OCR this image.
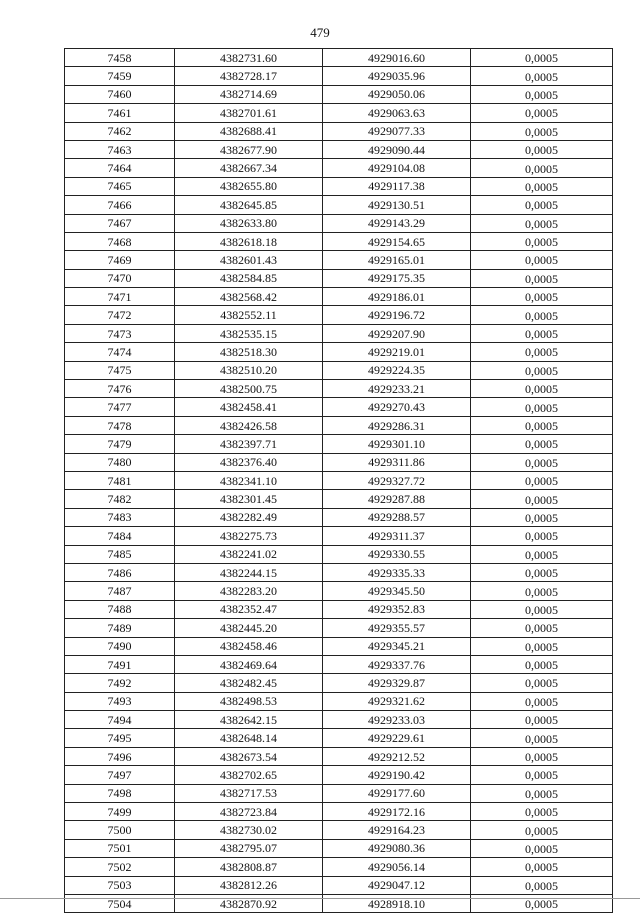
479
7458	4382731.60	4929016.60	0,0005
7459	4382728.17	4929035.96	0,0005
7460	4382714.69	4929050.06	0,0005
7461	4382701.61	4929063.63	0,0005
7462	4382688.41	4929077.33	0,0005
7463	4382677.90	4929090.44	0,0005
7464	4382667.34	4929104.08	0,0005
7465	4382655.80	4929117.38	0,0005
7466	4382645.85	4929130.51	0,0005
7467	4382633.80	4929143.29	0,0005
7468	4382618.18	4929154.65	0,0005
7469	4382601.43	4929165.01	0,0005
7470	4382584.85	4929175.35	0,0005
7471	4382568.42	4929186.01	0,0005
7472	4382552.11	4929196.72	0,0005
7473	4382535.15	4929207.90	0,0005
7474	4382518.30	4929219.01	0,0005
7475	4382510.20	4929224.35	0,0005
7476	4382500.75	4929233.21	0,0005
7477	4382458.41	4929270.43	0,0005
7478	4382426.58	4929286.31	0,0005
7479	4382397.71	4929301.10	0,0005
7480	4382376.40	4929311.86	0,0005
7481	4382341.10	4929327.72	0,0005
7482	4382301.45	4929287.88	0,0005
7483	4382282.49	4929288.57	0,0005
7484	4382275.73	4929311.37	0,0005
7485	4382241.02	4929330.55	0,0005
7486	4382244.15	4929335.33	0,0005
7487	4382283.20	4929345.50	0,0005
7488	4382352.47	4929352.83	0,0005
7489	4382445.20	4929355.57	0,0005
7490	4382458.46	4929345.21	0,0005
7491	4382469.64	4929337.76	0,0005
7492	4382482.45	4929329.87	0,0005
7493	4382498.53	4929321.62	0,0005
7494	4382642.15	4929233.03	0,0005
7495	4382648.14	4929229.61	0,0005
7496	4382673.54	4929212.52	0,0005
7497	4382702.65	4929190.42	0,0005
7498	4382717.53	4929177.60	0,0005
7499	4382723.84	4929172.16	0,0005
7500	4382730.02	4929164.23	0,0005
7501	4382795.07	4929080.36	0,0005
7502	4382808.87	4929056.14	0,0005
7503	4382812.26	4929047.12	0,0005
7504	4382870.92	4928918.10	0,0005
